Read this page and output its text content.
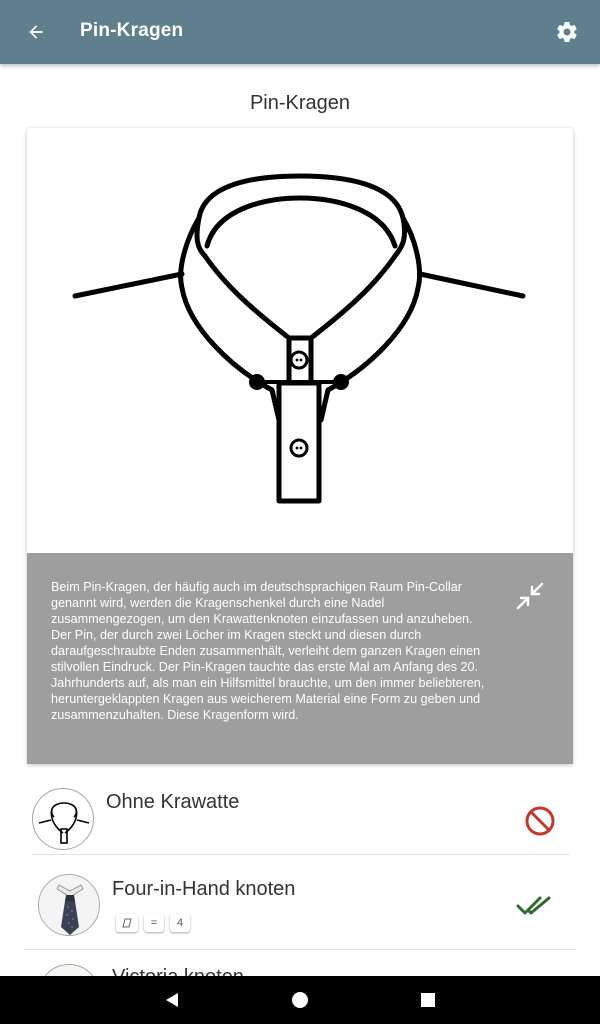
Pin-Kragen
Pin-Kragen

Beim Pin-Kragen, der häufig auch im deutschsprachigen Raum Pin-Collar genannt wird, werden die Kragenschenkel durch eine Nadel zusammengezogen, um den Krawattenknoten einzufassen und anzuheben. Der Pin, der durch zwei Löcher im Kragen steckt und diesen durch daraufgeschraubte Enden zusammenhält, verleiht dem ganzen Kragen einen stilvollen Eindruck. Der Pin-Kragen tauchte das erste Mal am Anfang des 20. Jahrhunderts auf, als man ein Hilfsmittel brauchte, um den immer beliebteren, heruntergeklappten Kragen aus weicherem Material eine Form zu geben und zusammenzuhalten. Diese Kragenform wird.

Ohne Krawatte
Four-in-Hand knoten
=	4
